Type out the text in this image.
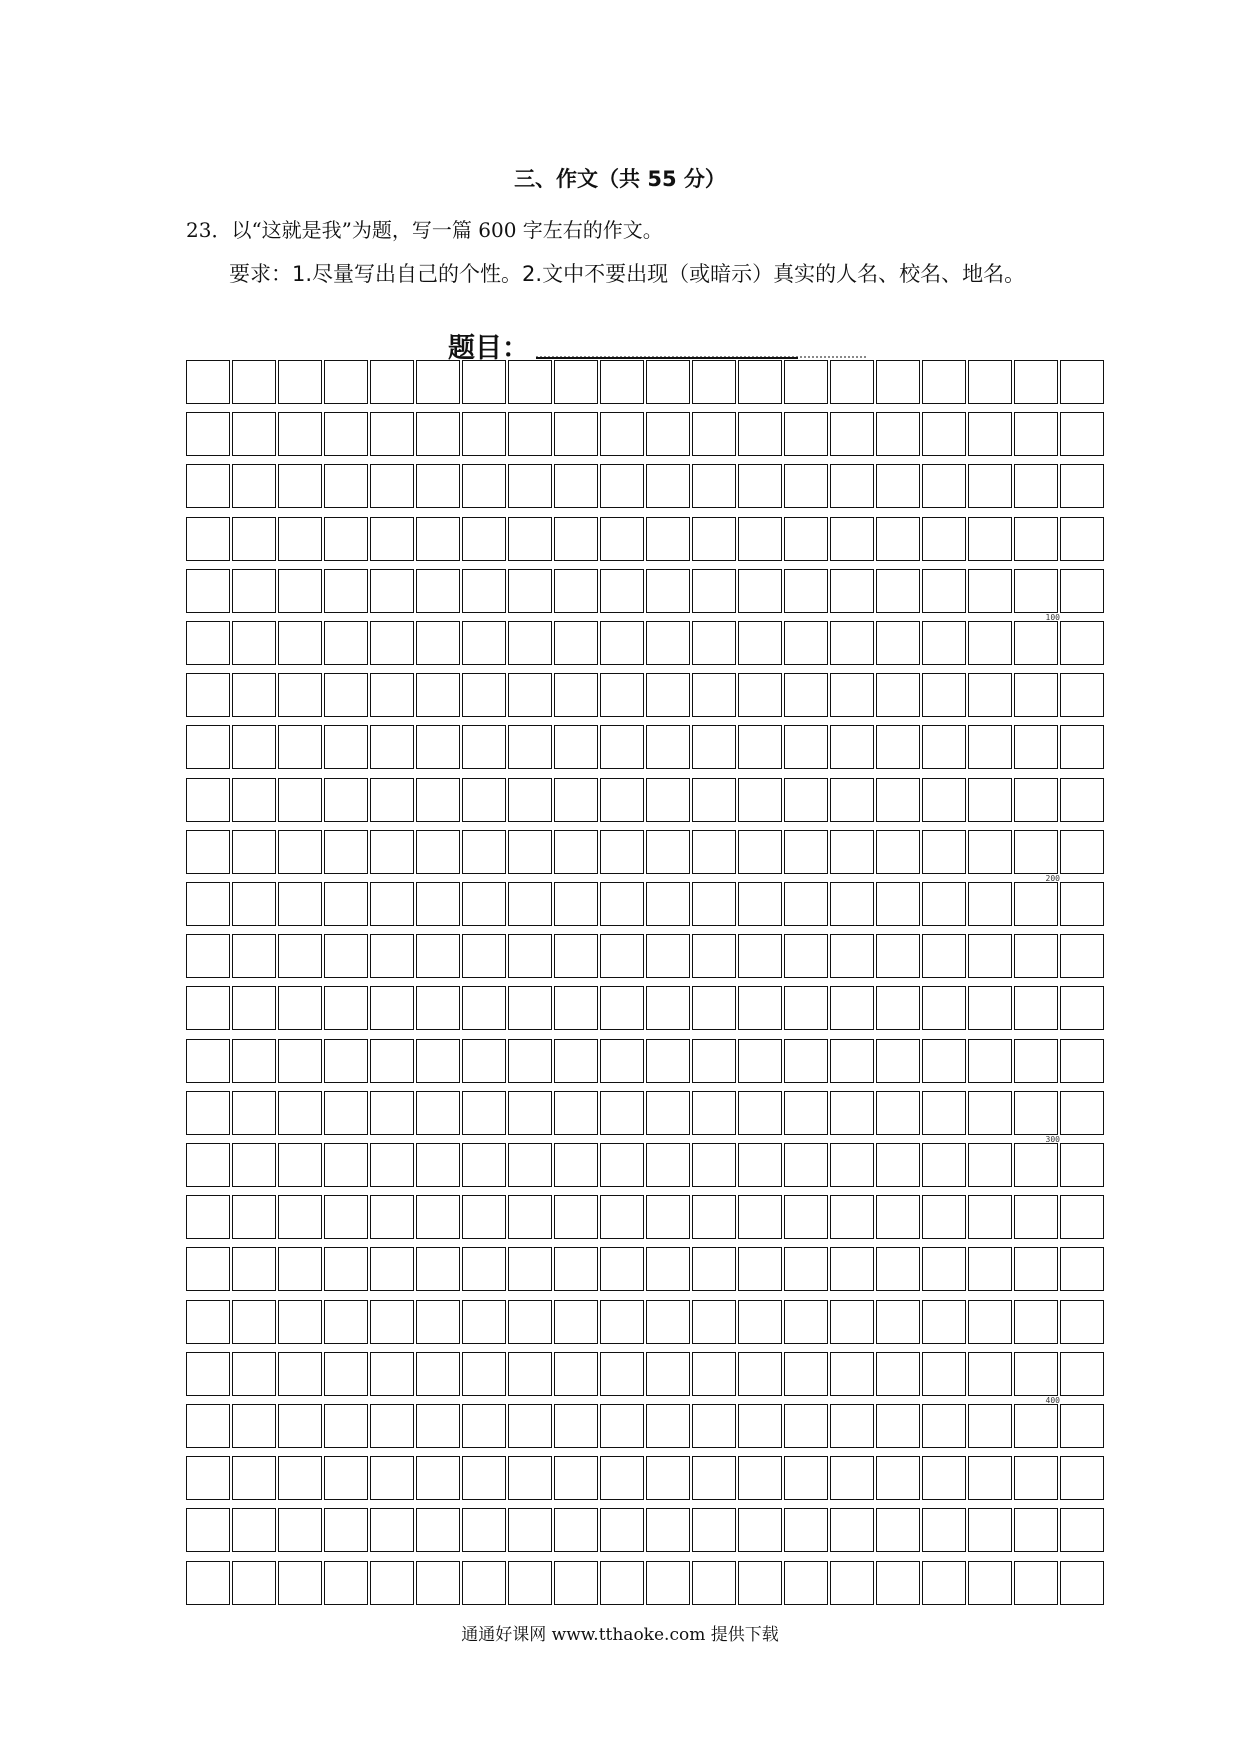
三、作文（共 55 分）
23．以“这就是我”为题，写一篇 600 字左右的作文。
要求：1.尽量写出自己的个性。2.文中不要出现（或暗示）真实的人名、校名、地名。
题目：
100
200
300
400
通通好课网 www.tthaoke.com 提供下载
